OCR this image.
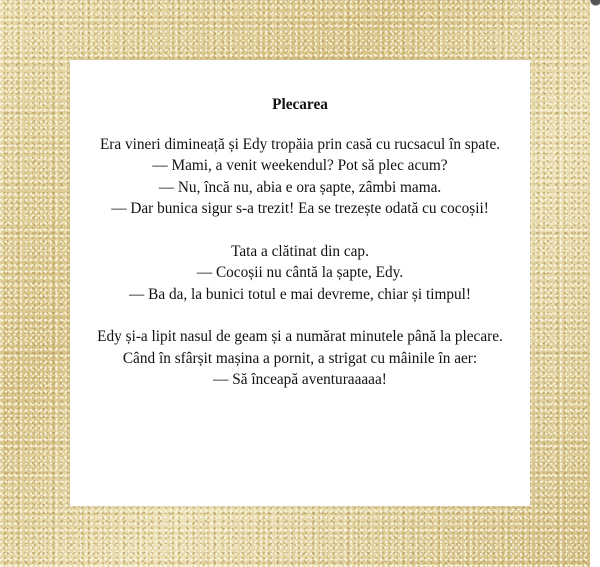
Plecarea
Era vineri dimineață și Edy tropăia prin casă cu rucsacul în spate.
— Mami, a venit weekendul? Pot să plec acum?
— Nu, încă nu, abia e ora șapte, zâmbi mama.
— Dar bunica sigur s-a trezit! Ea se trezește odată cu cocoșii!
Tata a clătinat din cap.
— Cocoșii nu cântă la șapte, Edy.
— Ba da, la bunici totul e mai devreme, chiar și timpul!
Edy și-a lipit nasul de geam și a numărat minutele până la plecare.
Când în sfârșit mașina a pornit, a strigat cu mâinile în aer:
— Să înceapă aventuraaaaa!
